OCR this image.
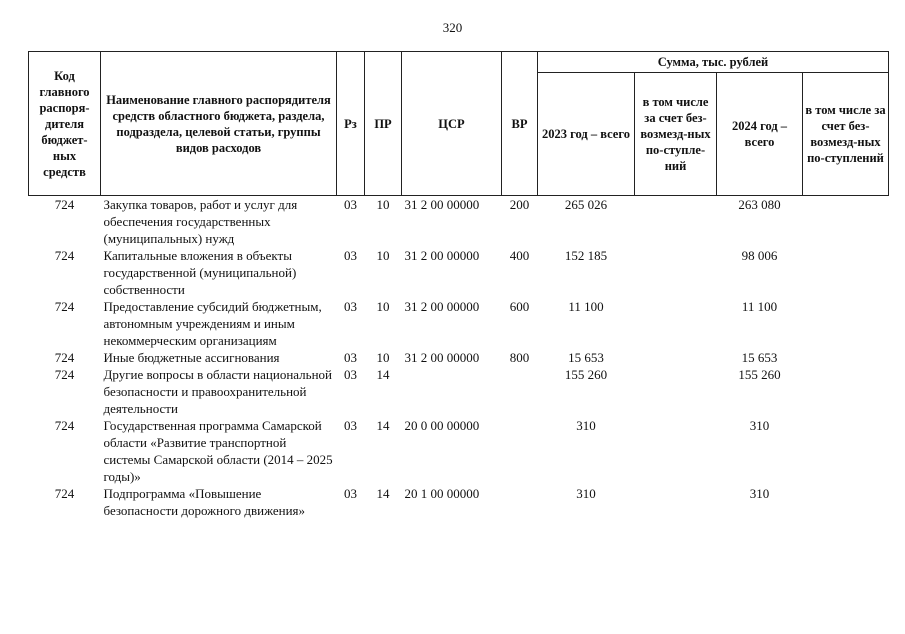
320
Код главного распоря-дителя бюджет-ных средств	Наименование главного распорядителя средств областного бюджета, раздела, подраздела, целевой статьи, группы видов расходов	Рз	ПР	ЦСР	ВР	Сумма, тыс. рублей			
						2023 год – всего	в том числе за счет без-возмезд-ных по-ступле-ний	2024 год – всего	в том числе за счет без-возмезд-ных по-ступлений
724	Закупка товаров, работ и услуг для обеспечения государственных (муниципальных) нужд	03	10	31 2 00 00000	200	265 026		263 080	
724	Капитальные вложения в объекты государственной (муниципальной) собственности	03	10	31 2 00 00000	400	152 185		98 006	
724	Предоставление субсидий бюджетным, автономным учреждениям и иным некоммерческим организациям	03	10	31 2 00 00000	600	11 100		11 100	
724	Иные бюджетные ассигнования	03	10	31 2 00 00000	800	15 653		15 653	
724	Другие вопросы в области национальной безопасности и правоохранительной деятельности	03	14			155 260		155 260	
724	Государственная программа Самарской области «Развитие транспортной системы Самарской области (2014 – 2025 годы)»	03	14	20 0 00 00000		310		310	
724	Подпрограмма «Повышение безопасности дорожного движения»	03	14	20 1 00 00000		310		310	
